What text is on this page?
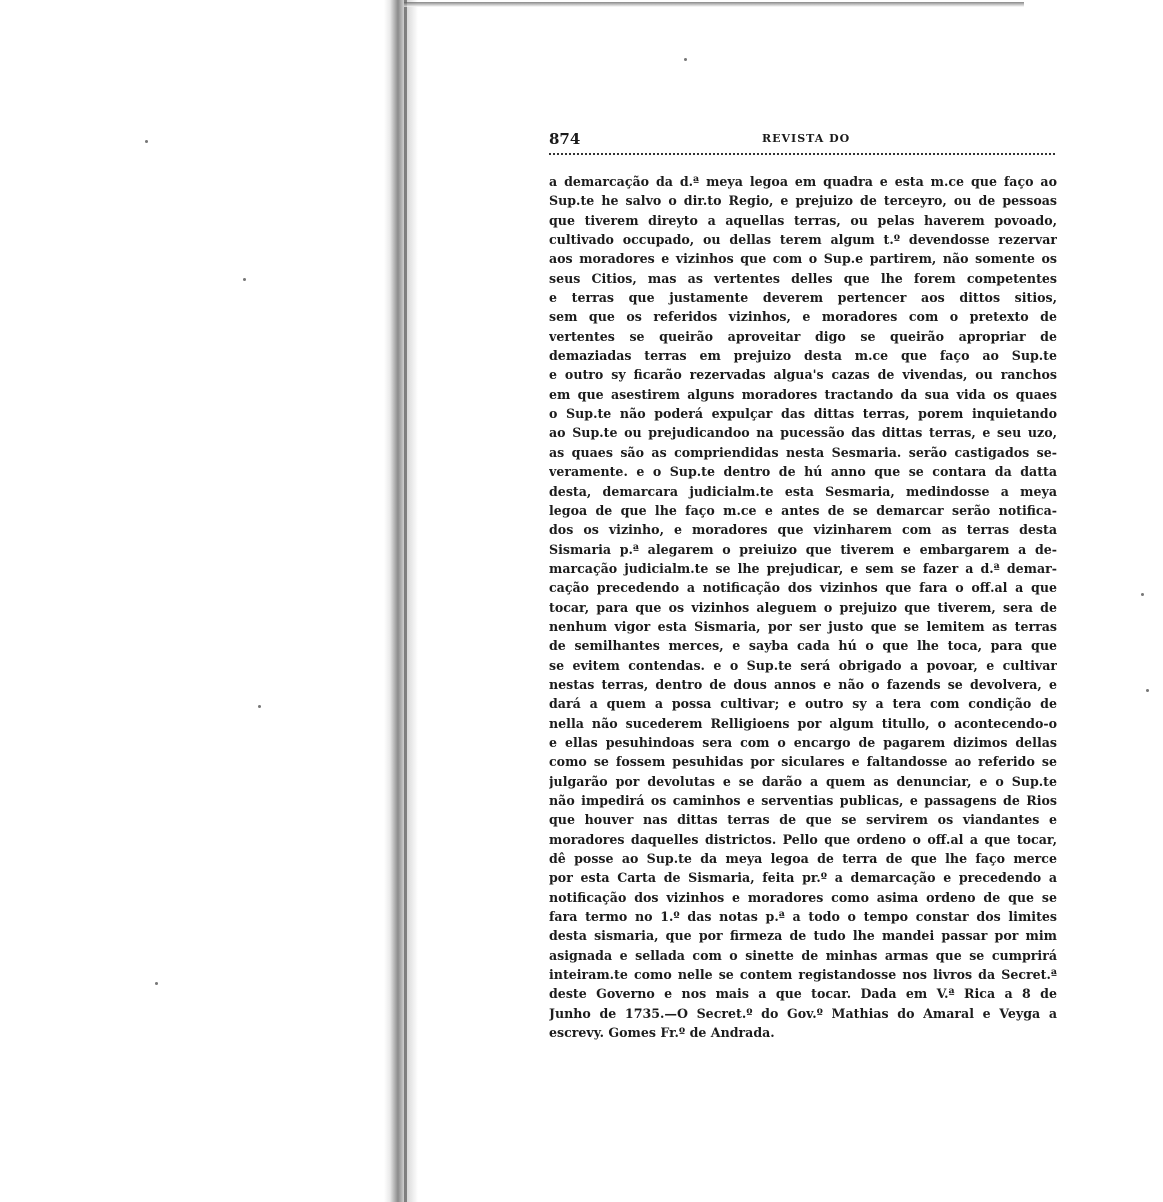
874	REVISTA DO
a demarcação da d.ª meya legoa em quadra e esta m.ce que faço ao
Sup.te he salvo o dir.to Regio, e prejuizo de terceyro, ou de pessoas
que tiverem direyto a aquellas terras, ou pelas haverem povoado,
cultivado occupado, ou dellas terem algum t.º devendosse rezervar
aos moradores e vizinhos que com o Sup.e partirem, não somente os
seus Citios, mas as vertentes delles que lhe forem competentes
e terras que justamente deverem pertencer aos dittos sitios,
sem que os referidos vizinhos, e moradores com o pretexto de
vertentes se queirão aproveitar digo se queirão apropriar de
demaziadas terras em prejuizo desta m.ce que faço ao Sup.te
e outro sy ficarão rezervadas algua's cazas de vivendas, ou ranchos
em que asestirem alguns moradores tractando da sua vida os quaes
o Sup.te não poderá expulçar das dittas terras, porem inquietando
ao Sup.te ou prejudicandoo na pucessão das dittas terras, e seu uzo,
as quaes são as compriendidas nesta Sesmaria. serão castigados se-
veramente. e o Sup.te dentro de hú anno que se contara da datta
desta, demarcara judicialm.te esta Sesmaria, medindosse a meya
legoa de que lhe faço m.ce e antes de se demarcar serão notifica-
dos os vizinho, e moradores que vizinharem com as terras desta
Sismaria p.ª alegarem o preiuizo que tiverem e embargarem a de-
marcação judicialm.te se lhe prejudicar, e sem se fazer a d.ª demar-
cação precedendo a notificação dos vizinhos que fara o off.al a que
tocar, para que os vizinhos aleguem o prejuizo que tiverem, sera de
nenhum vigor esta Sismaria, por ser justo que se lemitem as terras
de semilhantes merces, e sayba cada hú o que lhe toca, para que
se evitem contendas. e o Sup.te será obrigado a povoar, e cultivar
nestas terras, dentro de dous annos e não o fazends se devolvera, e
dará a quem a possa cultivar; e outro sy a tera com condição de
nella não sucederem Relligioens por algum titullo, o acontecendo-o
e ellas pesuhindoas sera com o encargo de pagarem dizimos dellas
como se fossem pesuhidas por siculares e faltandosse ao referido se
julgarão por devolutas e se darão a quem as denunciar, e o Sup.te
não impedirá os caminhos e serventias publicas, e passagens de Rios
que houver nas dittas terras de que se servirem os viandantes e
moradores daquelles districtos. Pello que ordeno o off.al a que tocar,
dê posse ao Sup.te da meya legoa de terra de que lhe faço merce
por esta Carta de Sismaria, feita pr.º a demarcação e precedendo a
notificação dos vizinhos e moradores como asima ordeno de que se
fara termo no 1.º das notas p.ª a todo o tempo constar dos limites
desta sismaria, que por firmeza de tudo lhe mandei passar por mim
asignada e sellada com o sinette de minhas armas que se cumprirá
inteiram.te como nelle se contem registandosse nos livros da Secret.ª
deste Governo e nos mais a que tocar. Dada em V.ª Rica a 8 de
Junho de 1735.—O Secret.º do Gov.º Mathias do Amaral e Veyga a
escrevy. Gomes Fr.º de Andrada.
